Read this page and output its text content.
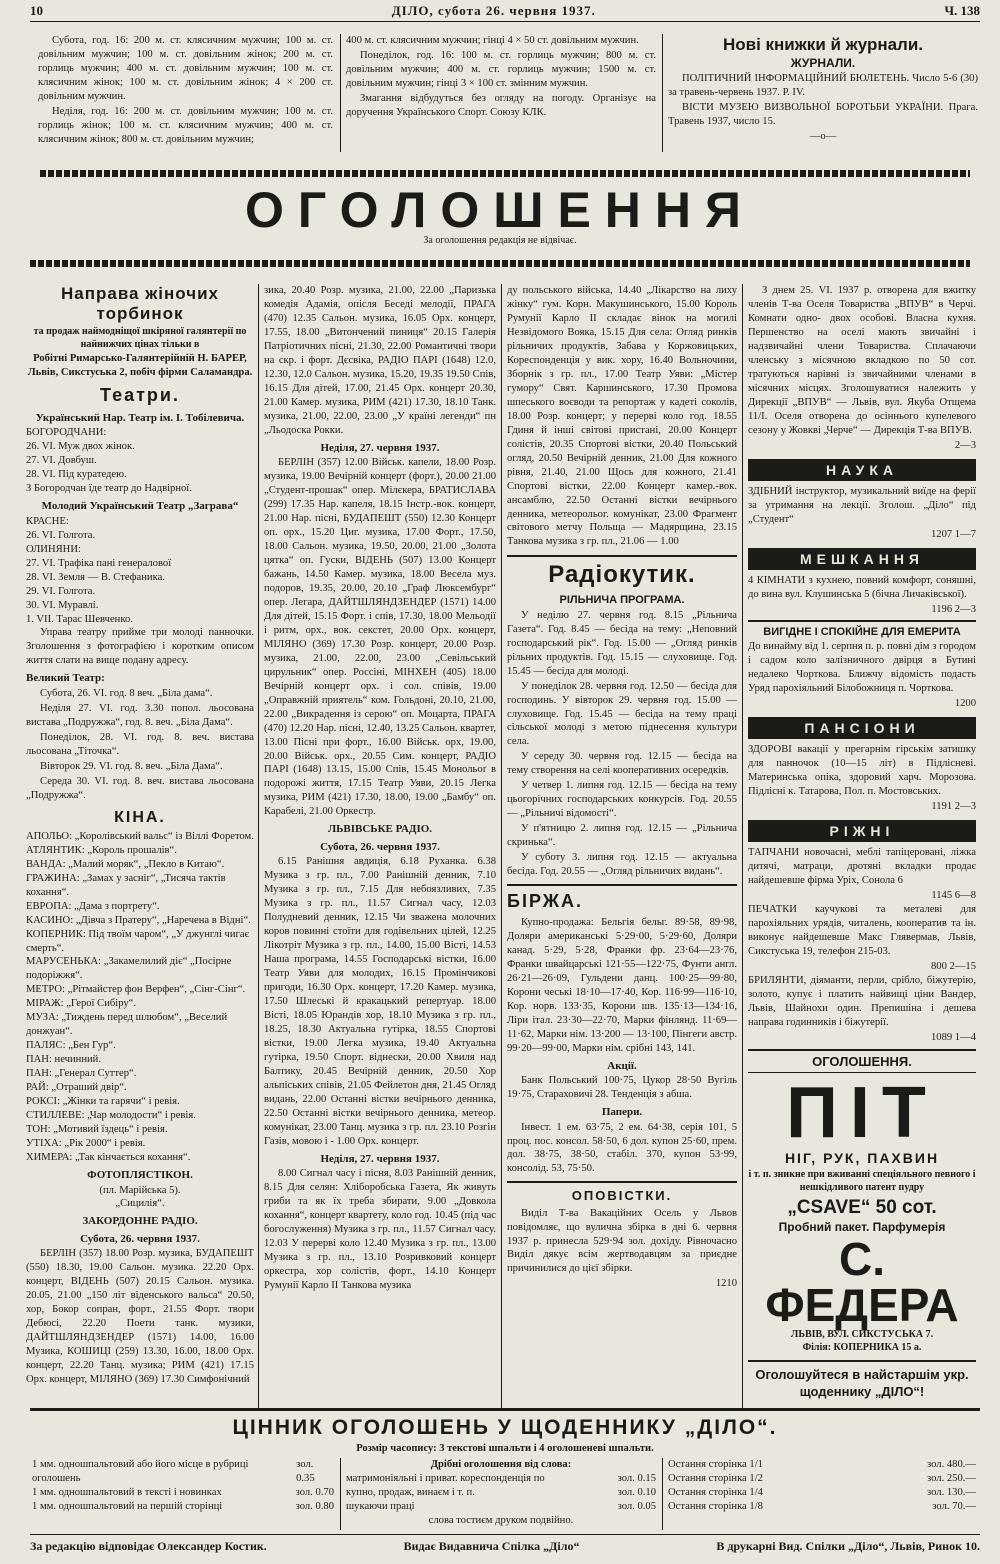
10	ДІЛО, субота 26. червня 1937.	Ч. 138

Субота, год. 16: 200 м. ст. клясичним мужчин; 100 м. ст. довільним мужчин; 100 м. ст. довільним жінок; 200 м. ст. горлиць мужчин; 400 м. ст. довільним мужчин; 100 м. ст. клясичним жінок; 100 м. ст. довільним жінок; 4 × 200 ст. довільним мужчин.

Неділя, год. 16: 200 м. ст. довільним мужчин; 100 м. ст. горлиць жінок; 100 м. ст. клясичним мужчин; 400 м. ст. клясичним жінок; 800 м. ст. довільним мужчин;

400 м. ст. клясичним мужчин; гінці 4 × 50 ст. довільним мужчин.

Понеділок, год. 16: 100 м. ст. горлиць мужчин; 800 м. ст. довільним мужчин; 400 м. ст. горлиць мужчин; 1500 м. ст. довільним мужчин; гінці 3 × 100 ст. змінним мужчин.

Змагання відбудуться без огляду на погоду. Організує на доручення Українського Спорт. Союзу КЛК.

Нові книжки й журнали.
ЖУРНАЛИ.

ПОЛІТИЧНИЙ ІНФОРМАЦІЙНИЙ БЮЛЕТЕНЬ. Число 5-6 (30) за травень-червень 1937. Р. IV.

ВІСТИ МУЗЕЮ ВИЗВОЛЬНОЇ БОРОТЬБИ УКРАЇНИ. Прага. Травень 1937, число 15.

—o—
ОГОЛОШЕННЯ
За оголошення редакція не відвічає.
Направа жіночих торбинок

та продаж наймодніщої шкіряної галянтерії по найнижчих цінах тільки в

Робітні Римарсько-Галянтерійній Н. БАРЕР, Львів, Сикстуська 2, побіч фірми Саламандра.

Театри.
Український Нар. Театр ім. І. Тобілевича.
БОГОРОДЧАНИ:
26. VI. Муж двох жінок.
27. VI. Довбуш.
28. VI. Під куратедею.
З Богородчан їде театр до Надвірної.
Молодий Український Театр „Заграва“
КРАСНЕ:
26. VI. Голгота.
ОЛИНЯНИ:
27. VI. Трафіка пані генералової
28. VI. Земля — В. Стефаника.
29. VI. Голгота.
30. VI. Муравлі.
1. VII. Тарас Шевченко.

Управа театру прийме три молоді панночки. Зголошення з фотографією і коротким описом життя слати на вище подану адресу.

Великий Театр:

Субота, 26. VI. год. 8 веч. „Біла дама“.

Неділя 27. VI. год. 3.30 попол. льосована вистава „Подружжа“, год. 8. веч. „Біла Дама“.

Понеділок, 28. VI. год. 8. веч. вистава льосована „Тіточка“.

Вівторок 29. VI. год. 8. веч. „Біла Дама“.

Середа 30. VI. год. 8. веч. вистава льосована „Подружжа“.

КІНА.
АПОЛЬО: „Королівський вальс“ із Віллі Форетом.
АТЛЯНТИК: „Король прошалів“.
ВАНДА: „Малий моряк“, „Пекло в Китаю“.
ГРАЖИНА: „Замах у засніг“, „Тисяча тактів кохання“.
ЕВРОПА: „Дама з портрету“.
КАСИНО: „Дівча з Пратеру“, „Наречена в Відні“.
КОПЕРНИК: Під твоїм чаром“, „У джунглі чигає смерть“.
МАРУСЕНЬКА: „Закамелилий діє“ „Посірне подоріжжя“.
МЕТРО: „Рітмайстер фон Верфен“, „Сінг-Сінг“.
МІРАЖ: „Герої Сибіру“.
МУЗА: „Тиждень перед шлюбом“, „Веселий донжуан“.
ПАЛЯС: „Бен Гур“.
ПАН: нечинний.
ПАН: „Генерал Суттер“.
РАЙ: „Отраший двір“.
РОКСІ: „Жінки та гарячи“ і ревія.
СТИЛЛЕВЕ: „Чар молодости“ і ревія.
ТОН: „Мотивий їздець“ і ревія.
УТІХА: „Рік 2000“ і ревія.
ХИМЕРА: „Так кінчається кохання“.
ФОТОПЛЯСТІКОН.
(пл. Марійська 5).
„Сицилія“.
ЗАКОРДОННЕ РАДІО.
Субота, 26. червня 1937.

БЕРЛІН (357) 18.00 Розр. музика, БУДАПЕШТ (550) 18.30, 19.00 Сальон. музика. 22.20 Орх. концерт, ВІДЕНЬ (507) 20.15 Сальон. музика. 20.05, 21.00 „150 літ віденського вальса“ 20.50, хор, Бокор сопран, форт., 21.55 Форт. твори Дебюсі, 22.20 Поети танк. музики, ДАЙТШЛЯНДЗЕНДЕР (1571) 14.00, 16.00 Музика, КОШИЦІ (259) 13.30, 16.00, 18.00 Орх. концерт, 22.20 Танц. музика; РИМ (421) 17.15 Орх. концерт, МІЛЯНО (369) 17.30 Симфонічний

зика, 20.40 Розр. музика, 21.00, 22.00 „Паризька комедія Адамія, опісля Беседі мелодії, ПРАГА (470) 12.35 Сальон. музика, 16.05 Орх. концерт, 17.55, 18.00 „Витончений пиниця“ 20.15 Галерія Патріотичних пісні, 21.30, 22.00 Романтичні твори на скр. і форт. Дєсвіка, РАДІО ПАРІ (1648) 12.0, 12.30, 12.0 Сальон. музика, 15.20, 19.35 19.50 Спів, 16.15 Для дітей, 17.00, 21.45 Орх. концерт 20.30, 21.00 Камер. музика, РИМ (421) 17.30, 18.10 Танк. музика, 21.00, 22.00, 23.00 „У країні легенди“ пн „Льодоска Рокки.

Неділя, 27. червня 1937.

БЕРЛІН (357) 12.00 Військ. капели, 18.00 Розр. музика, 19.00 Вечірній концерт (форт.), 20.00 21.00 „Студент-прошак“ опер. Мілєкера, БРАТИСЛАВА (299) 17.35 Нар. капеля, 18.15 Інстр.-вок. концерт, 21.00 Нар. пісні, БУДАПЕШТ (550) 12.30 Концерт оп. орх., 15.20 Циг. музика, 17.00 Форт., 17.50, 18.00 Сальон. музика, 19.50, 20.00, 21.00 „Золота цятка“ оп. Гуски, ВІДЕНЬ (507) 13.00 Концерт бажань, 14.50 Камер. музика, 18.00 Весела муз. подоров, 19.35, 20.00, 20.10 „Граф Люксембург“ опер. Легара, ДАЙТШЛЯНДЗЕНДЕР (1571) 14.00 Для дітей, 15.15 Форт. і спів, 17.30, 18.00 Мельодії і ритм, орх., вок. секстет, 20.00 Орх. концерт, МІЛЯНО (369) 17.30 Розр. концерт, 20.00 Розр. музика, 21.00, 22.00, 23.00 „Севільський цирульник“ опер. Россіні, МІНХЕН (405) 18.00 Вечірній концерт орх. і сол. співів, 19.00 „Оправжній приятель“ ком. Гольдоні, 20.10, 21.00, 22.00 „Викрадення із серою“ оп. Моцарта, ПРАГА (470) 12.20 Нар. пісні, 12.40, 13.25 Сальон. квартет, 13.00 Пісні при форт., 16.00 Військ. орх, 19.00, 20.00 Військ. орх., 20.55 Сим. концерт, РАДІО ПАРІ (1648) 13.15, 15.00 Спів, 15.45 Монольоґ в подорожі життя, 17.15 Театр Уяви, 20.15 Легка музика, РИМ (421) 17.30, 18.00, 19.00 „Бамбу“ оп. Карабелі, 21.00 Оркестр.

ЛЬВІВСЬКЕ РАДІО.
Субота, 26. червня 1937.

6.15 Ранішня авдиція, 6.18 Руханка. 6.38 Музика з гр. пл., 7.00 Ранішній денник, 7.10 Музика з гр. пл., 7.15 Для небоязливих, 7.35 Музика з гр. пл., 11.57 Сигнал часу, 12.03 Полудневий денник, 12.15 Чи зважена молочних коров повинні стоїти для годівельних цілей, 12.25 Лікотріт Музика з гр. пл., 14.00, 15.00 Вісті, 14.53 Наша програма, 14.55 Господарські вістки, 16.00 Театр Уяви для молодих, 16.15 Промінчикові пригоди, 16.30 Орх. концерт, 17.20 Камер. музика, 17.50 Шлеські й кракацький репертуар. 18.00 Вісті, 18.05 Юрандів хор, 18.10 Музика з гр. пл., 18.25, 18.30 Актуальна гутірка, 18.55 Спортові вістки, 19.00 Легка музика, 19.40 Актуальна гутірка, 19.50 Спорт. віднески, 20.00 Хвиля над Балтику, 20.45 Вечірній денник, 20.50 Хор альпіських співів, 21.05 Фейлетон дня, 21.45 Огляд видань, 22.00 Останні вістки вечірнього денника, 22.50 Останні вістки вечірнього денника, метеор. комунікат, 23.00 Танц. музика з гр. пл. 23.10 Розгін Газів, мовою і - 1.00 Орх. концерт.

Неділя, 27. червня 1937.

8.00 Сигнал часу і пісня, 8.03 Ранішній денник, 8.15 Для селян: Хліборобська Газета, Як живуть гриби та як їх треба збирати, 9.00 „Довкола кохання“, концерт квартету, коло год. 10.45 (під час богослуження) Музика з гр. пл., 11.57 Сигнал часу. 12.03 У перерві коло 12.40 Музика з гр. пл., 13.00 Музика з гр. пл., 13.10 Розривковий концерт оркестра, хор солістів, форт., 14.10 Концерт Румунії Карло II Танкова музика

ду польського війська, 14.40 „Лікарство на лиху жінку“ гум. Корн. Макушинського, 15.00 Король Румунії Карло II складає вінок на могилі Незвідомого Вояка, 15.15 Для села: Огляд ринків рільничих продуктів, Забава у Коржовицьких, Кореспонденція у вик. хору, 16.40 Вольночини, Зборнік з гр. пл., 17.00 Театр Уяви: „Містер гумору“ Свят. Каршинського, 17.30 Промова шпеського воєводи та репортаж у кадеті соколів, 18.00 Розр. концерт; у перерві коло год. 18.55 Гдиня й інші світові пристані, 20.00 Концерт солістів, 20.35 Спортові вістки, 20.40 Польський огляд, 20.50 Вечірній денник, 21.00 Для кожного рівня, 21.40, 21.00 Щось для кожного, 21.41 Спортові вістки, 22.00 Концерт камер.-вок. ансамблю, 22.50 Останні вістки вечірнього денника, метеорольог. комунікат, 23.00 Фрагмент світового метчу Польща — Мадярщина, 23.15 Танкова музика з гр. пл., 21.06 — 1.00

Радіокутик.
РІЛЬНИЧА ПРОГРАМА.

У неділю 27. червня год. 8.15 „Рільнича Газета“. Год. 8.45 — бесіда на тему: „Неповний господарський рік“. Год. 15.00 — „Огляд ринків рільних продуктів. Год. 15.15 — слуховище. Год. 15.45 — бесіда для молоді.

У понеділок 28. червня год. 12.50 — бесіда для господинь. У вівторок 29. червня год. 15.00 — слуховище. Год. 15.45 — бесіда на тему праці сільської молоді з метою піднесення культури села.

У середу 30. червня год. 12.15 — бесіда на тему створення на селі кооперативних осередків.

У четвер 1. липня год. 12.15 — бесіда на тему цьогорічних господарських конкурсів. Год. 20.55 — „Рільничі відомості“.

У п'ятницю 2. липня год. 12.15 — „Рільнича скринька“.

У суботу 3. липня год. 12.15 — актуальна бесіда. Год. 20.55 — „Огляд рільничих видань“.

БІРЖА.

Купно-продажа: Бельгія бельг. 89·58, 89·98, Доляри американські 5·29·00, 5·29·60, Доляри канад. 5·29, 5·28, Франки фр. 23·64—23·76, Франки швайцарські 121·55—122·75, Фунти англ. 26·21—26·09, Гульдени данц. 100·25—99·80, Корони чеські 18·10—17·40, Кор. 116·99—116·10, Кор. норв. 133·35, Корони шв. 135·13—134·16, Ліри італ. 23·30—22·70, Марки фінлянд. 11·69—11·62, Марки нім. 13·200 — 13·100, Пінгеги австр. 99·20—99·00, Марки нім. срібні 143, 141.

Акції.

Банк Польський 100·75, Цукор 28·50 Вугіль 19·75, Стараховичі 28. Тенденція з абша.

Папери.

Інвест. 1 ем. 63·75, 2 ем. 64·38, серія 101, 5 проц. пос. консол. 58·50, 6 дол. купон 25·60, прем. дол. 38·75, 38·50, стабіл. 370, купон 53·99, консолід. 53, 75·50.

ОПОВІСТКИ.

Виділ Т-ва Вакаційних Осель у Львов повідомляє, що вулична збірка в дні 6. червня 1937 р. принесла 529·94 зол. дохіду. Рівночасно Виділ дякує всім жертводавцям за приєдне причинилися до цієї збірки.

1210

З днем 25. VI. 1937 р. отворена для вжитку членів Т-ва Оселя Товариства „ВПУВ“ в Черчі. Комнати одно- двох особові. Власна кухня. Першенство на оселі мають звичайні і надзвичайні члени Товариства. Сплачаючи членську з місячною вкладкою по 50 сот. тратуються нарівні із звичайними членами в місячних місцях. Зголошуватися належить у Дирекції „ВПУВ“ — Львів, вул. Якуба Отщема 11/I. Оселя отворена до осіннього купелевого сезону у Жовкві „Черче“ — Дирекція Т-ва ВПУВ.

2—3
НАУКА

ЗДІБНИЙ інструктор, музикальний виїде на ферії за утримання на лекції. Зголош. „Діло“ під „Студент“

1207 1—7
МЕШКАННЯ

4 КІМНАТИ з кухнею, повний комфорт, соняшні, до вина вул. Клушинська 5 (бічна Личаківської).

1196 2—3
ВИГІДНЕ І СПОКІЙНЕ ДЛЯ ЕМЕРИТА

До винайму від 1. серпня п. р. повні дім з городом і садом коло залізничного двірця в Бутині недалеко Чорткова. Ближчу відомість подасть Уряд парохіяльний Білобожниця п. Чорткова.

1200
ПАНСІОНИ

ЗДОРОВІ вакації у прегарнім гірськім затишку для панночок (10—15 літ) в Підлісневі. Материнська опіка, здоровий харч. Морозова. Підлісні к. Татарова, Пол. п. Мостовських.

1191 2—3
РІЖНІ

ТАПЧАНИ новочасні, меблі тапіцеровані, ліжка дитячі, матраци, дротяні вкладки продає найдешевше фірма Уріх, Сонола 6

1145 6—8

ПЕЧАТКИ каучукові та металеві для парохіяльних урядів, читалень, кооператив та ін. виконує найдешевше Макс Глявермав, Львів, Сикстуська 19, телефон 215-03.

800 2—15

БРИЛЯНТИ, діяманти, перли, срібло, біжутерію, золото, купує і платить найвищі ціни Вандер, Львів, Шайнохи один. Препишіна і дешева направа годинників і біжутерії.

1089 1—4
ОГОЛОШЕННЯ.
ПІТ
НІГ, РУК, ПАХВИН

і т. п. зникне при вживанні спеціяльного певного і нешкідливого патент пудру

„CSAVE“ 50 сот.
Пробний пакет. Парфумерія
С. ФЕДЕРА
ЛЬВІВ, ВУЛ. СИКСТУСЬКА 7.
Філія: КОПЕРНИКА 15 а.
Оголошуйтеся в найстаршім укр. щоденнику „ДІЛО“!
ЦІННИК ОГОЛОШЕНЬ У ЩОДЕННИКУ „ДІЛО“.
Розмір часопису: 3 текстові шпальти і 4 оголошеневі шпальти.
1 мм. одношпальтовий або його місце в рубриці оголошень
зол. 0.35
1 мм. одношпальтовий в тексті і новинках	зол. 0.70
1 мм. одношпальтовий на першій сторінці	зол. 0.80
Дрібні оголошення від слова:
матримоніяльні і приват. кореспонденція по	зол. 0.15
купно, продаж, винаєм і т. п.	зол. 0.10
шукаючи праці	зол. 0.05
слова тостиєм друком подвійно.
Остання сторінка 1/1	зол. 480.—
Остання сторінка 1/2	зол. 250.—
Остання сторінка 1/4	зол. 130.—
Остання сторінка 1/8	зол. 70.—
За редакцію відповідає Олександер Костик.	Видає Видавнича Спілка „Діло“	В друкарні Вид. Спілки „Діло“, Львів, Ринок 10.
